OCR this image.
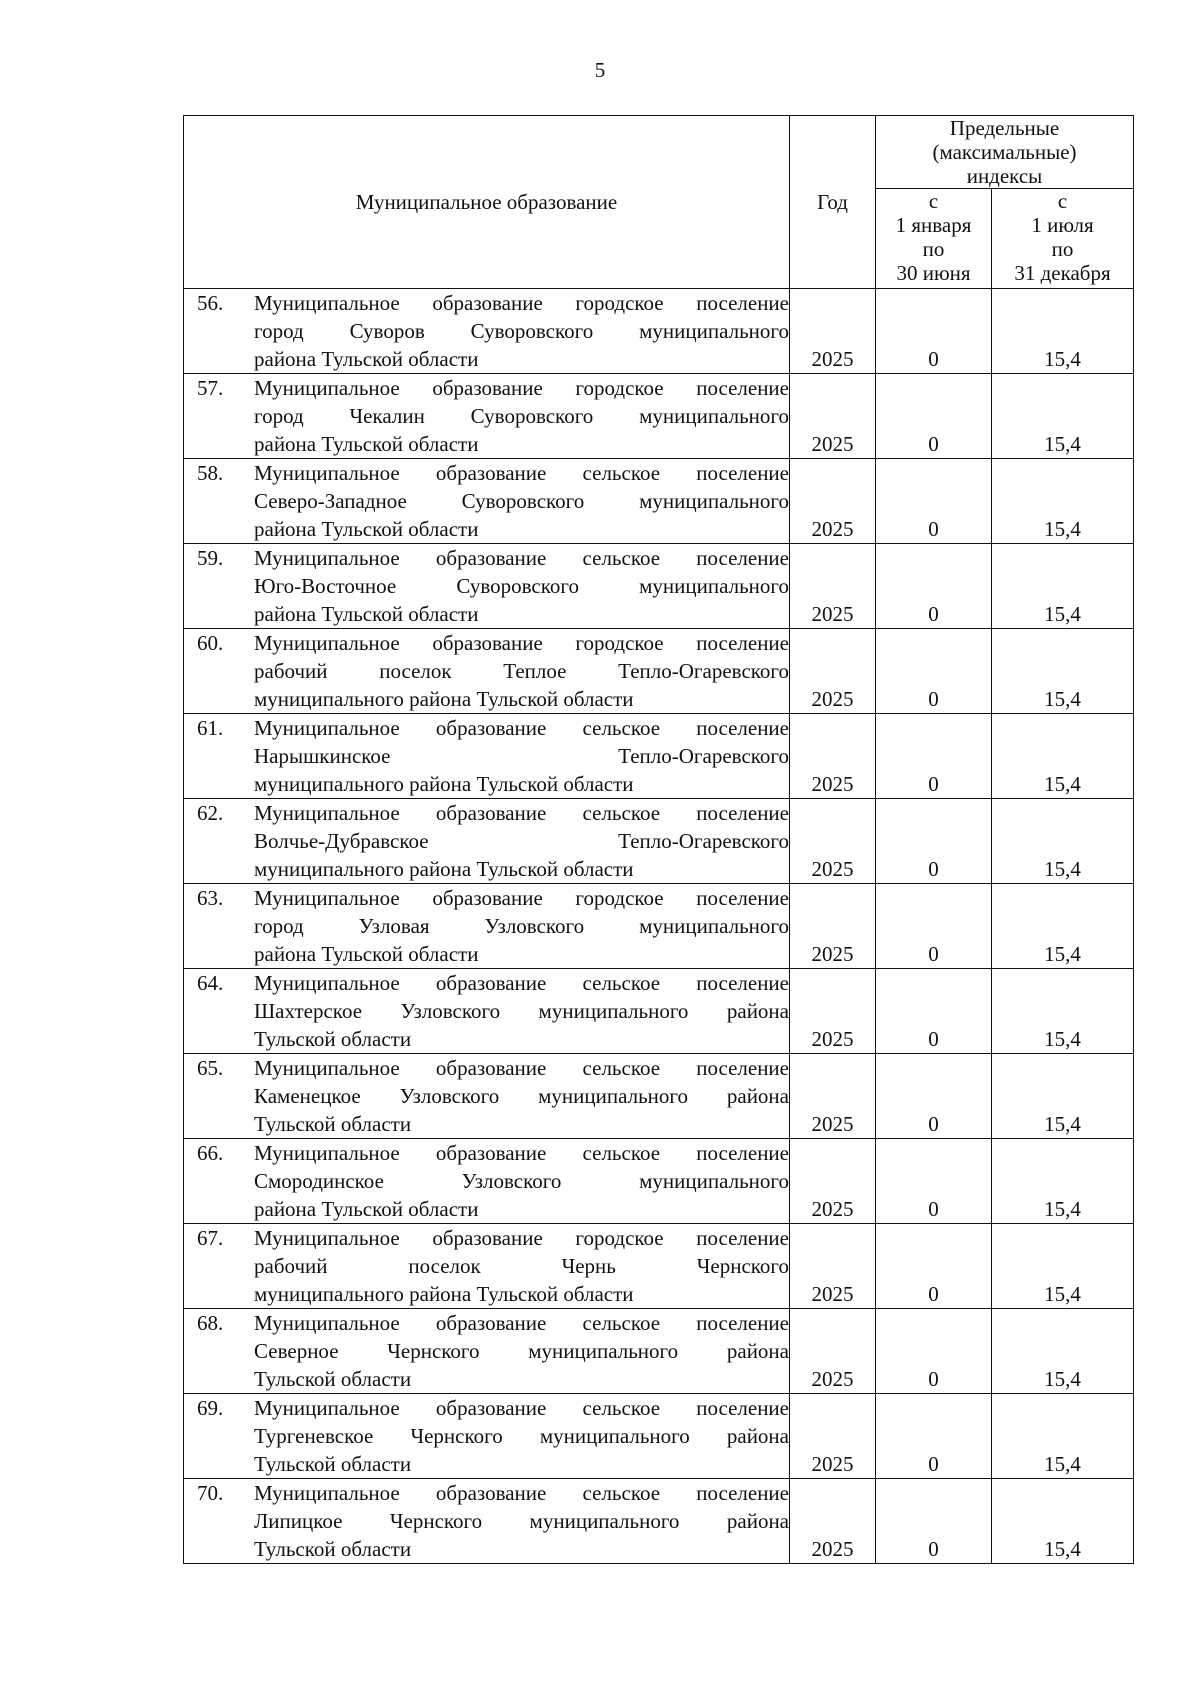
5
Муниципальное образование	Год	Предельные
(максимальные)
индексы	

		с
1 января
по
30 июня	с
1 июля
по
31 декабря

56. Муниципальное образование городское поселение
город Суворов Суворовского муниципального
района Тульской области	2025	0	15,4

57. Муниципальное образование городское поселение
город Чекалин Суворовского муниципального
района Тульской области	2025	0	15,4

58. Муниципальное образование сельское поселение
Северо-Западное Суворовского муниципального
района Тульской области	2025	0	15,4

59. Муниципальное образование сельское поселение
Юго-Восточное Суворовского муниципального
района Тульской области	2025	0	15,4

60. Муниципальное образование городское поселение
рабочий поселок Теплое Тепло-Огаревского
муниципального района Тульской области	2025	0	15,4

61. Муниципальное образование сельское поселение
Нарышкинское Тепло-Огаревского
муниципального района Тульской области	2025	0	15,4

62. Муниципальное образование сельское поселение
Волчье-Дубравское Тепло-Огаревского
муниципального района Тульской области	2025	0	15,4

63. Муниципальное образование городское поселение
город Узловая Узловского муниципального
района Тульской области	2025	0	15,4

64. Муниципальное образование сельское поселение
Шахтерское Узловского муниципального района
Тульской области	2025	0	15,4

65. Муниципальное образование сельское поселение
Каменецкое Узловского муниципального района
Тульской области	2025	0	15,4

66. Муниципальное образование сельское поселение
Смородинское Узловского муниципального
района Тульской области	2025	0	15,4

67. Муниципальное образование городское поселение
рабочий поселок Чернь Чернского
муниципального района Тульской области	2025	0	15,4

68. Муниципальное образование сельское поселение
Северное Чернского муниципального района
Тульской области	2025	0	15,4

69. Муниципальное образование сельское поселение
Тургеневское Чернского муниципального района
Тульской области	2025	0	15,4

70. Муниципальное образование сельское поселение
Липицкое Чернского муниципального района
Тульской области	2025	0	15,4
